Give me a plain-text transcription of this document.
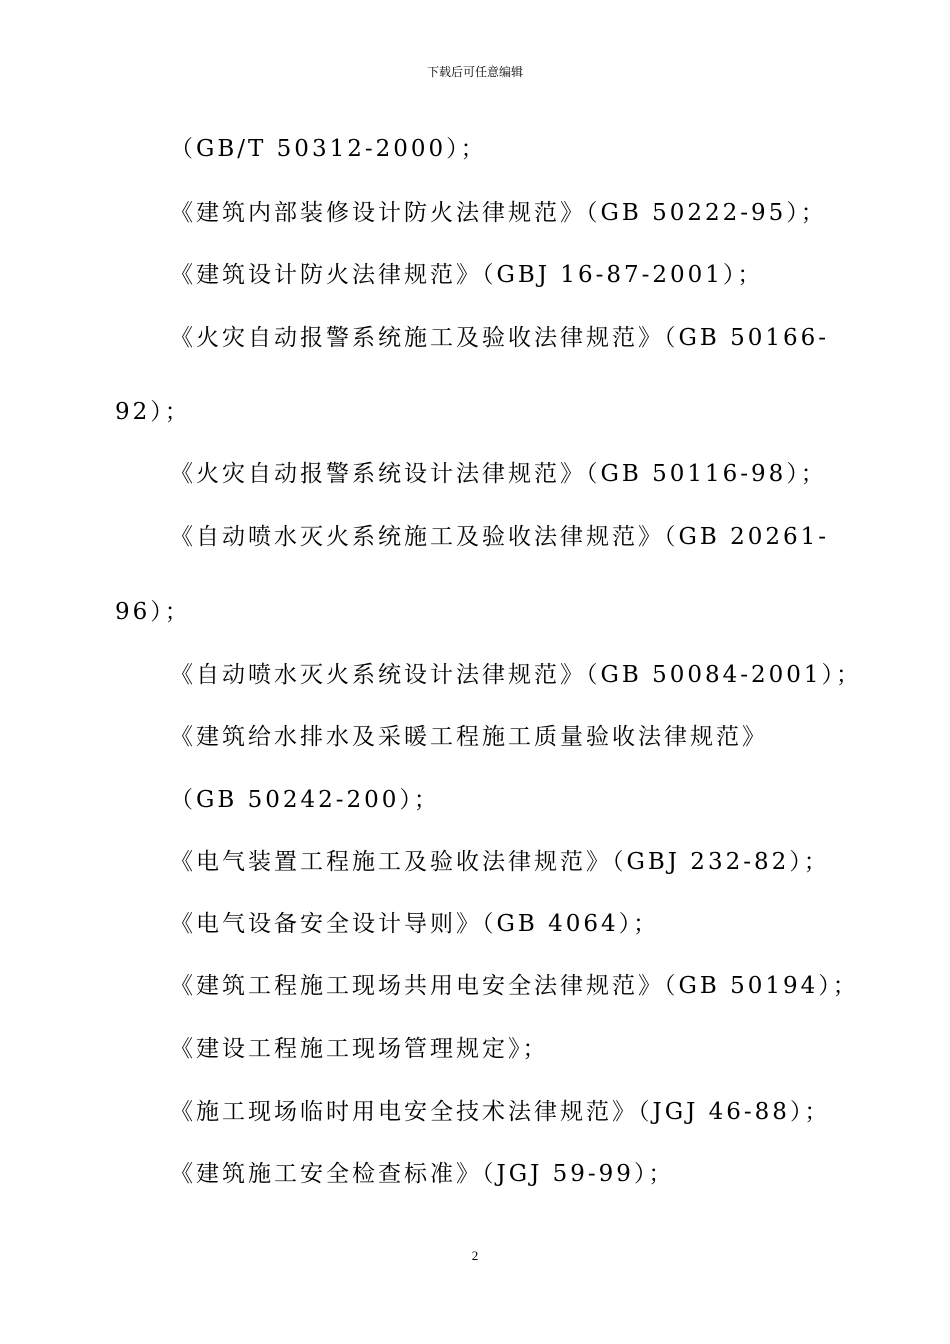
下载后可任意编辑
（GB/T 50312-2000）；
《建筑内部装修设计防火法律规范》（GB 50222-95）；
《建筑设计防火法律规范》（GBJ 16-87-2001）；
《火灾自动报警系统施工及验收法律规范》（GB 50166-
92）；
《火灾自动报警系统设计法律规范》（GB 50116-98）；
《自动喷水灭火系统施工及验收法律规范》（GB 20261-
96）；
《自动喷水灭火系统设计法律规范》（GB 50084-2001）；
《建筑给水排水及采暖工程施工质量验收法律规范》
（GB 50242-200）；
《电气装置工程施工及验收法律规范》（GBJ 232-82）；
《电气设备安全设计导则》（GB 4064）；
《建筑工程施工现场共用电安全法律规范》（GB 50194）；
《建设工程施工现场管理规定》；
《施工现场临时用电安全技术法律规范》（JGJ 46-88）；
《建筑施工安全检查标准》（JGJ 59-99）；
2
